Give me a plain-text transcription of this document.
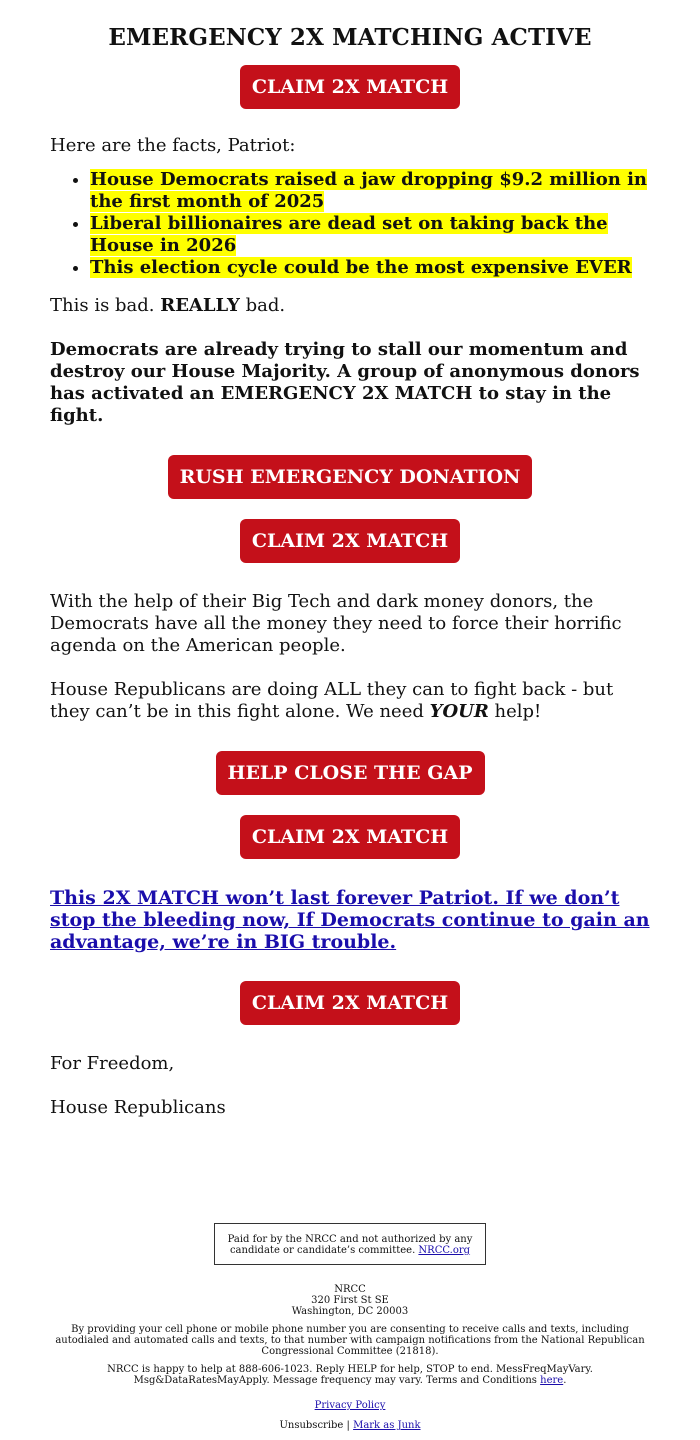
EMERGENCY 2X MATCHING ACTIVE
CLAIM 2X MATCH

Here are the facts, Patriot:

• House Democrats raised a jaw dropping $9.2 million in the first month of 2025
• Liberal billionaires are dead set on taking back the House in 2026
• This election cycle could be the most expensive EVER

This is bad. REALLY bad.

Democrats are already trying to stall our momentum and destroy our House Majority. A group of anonymous donors has activated an EMERGENCY 2X MATCH to stay in the fight.

RUSH EMERGENCY DONATION
CLAIM 2X MATCH

With the help of their Big Tech and dark money donors, the Democrats have all the money they need to force their horrific agenda on the American people.

House Republicans are doing ALL they can to fight back - but they can’t be in this fight alone. We need YOUR help!

HELP CLOSE THE GAP
CLAIM 2X MATCH

This 2X MATCH won’t last forever Patriot. If we don’t stop the bleeding now, If Democrats continue to gain an advantage, we’re in BIG trouble.

CLAIM 2X MATCH

For Freedom,

House Republicans

Paid for by the NRCC and not authorized by any candidate or candidate’s committee. NRCC.org

NRCC

320 First St SE

Washington, DC 20003

By providing your cell phone or mobile phone number you are consenting to receive calls and texts, including autodialed and automated calls and texts, to that number with campaign notifications from the National Republican Congressional Committee (21818).

NRCC is happy to help at 888-606-1023. Reply HELP for help, STOP to end. MessFreqMayVary. Msg&DataRatesMayApply. Message frequency may vary. Terms and Conditions here.

Privacy Policy

Unsubscribe | Mark as Junk
